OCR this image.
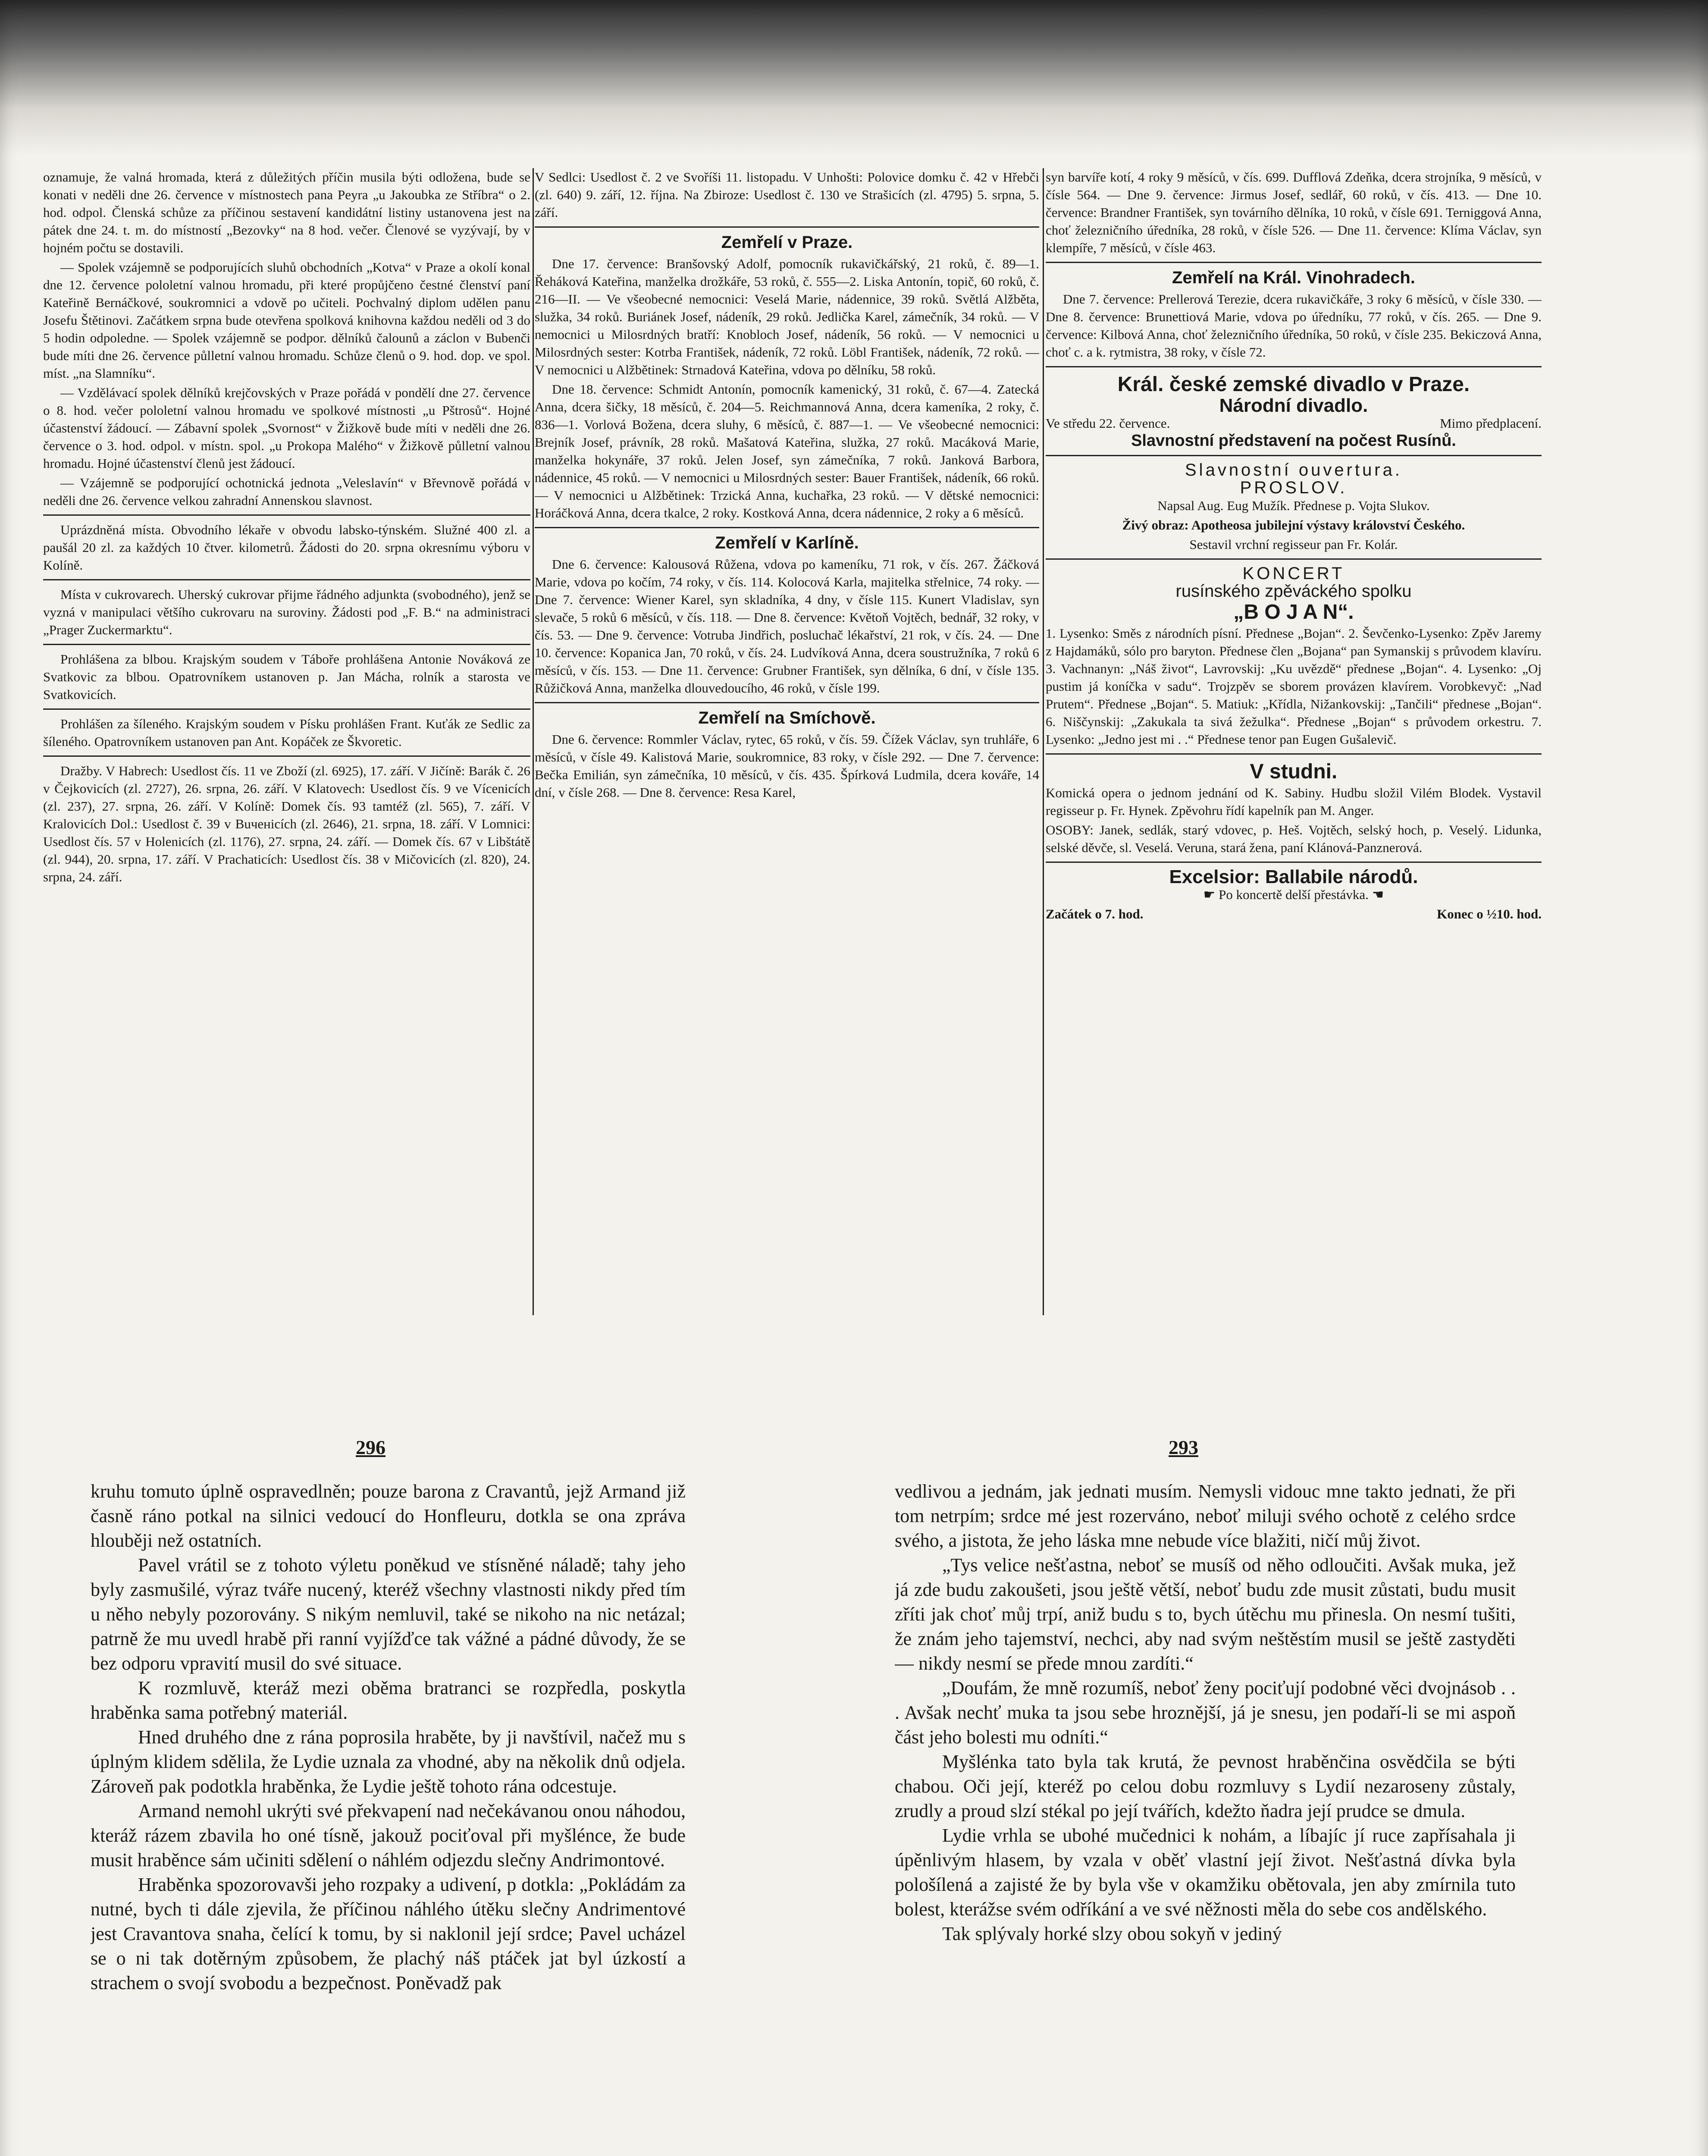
oznamuje, že valná hromada, která z důležitých příčin musila býti odložena, bude se konati v neděli dne 26. července v místnostech pana Peyra „u Jakoubka ze Stříbra“ o 2. hod. odpol. Členská schůze za příčinou sestavení kandidátní listiny ustanovena jest na pátek dne 24. t. m. do místností „Bezovky“ na 8 hod. večer. Členové se vyzývají, by v hojném počtu se dostavili.

— Spolek vzájemně se podporujících sluhů obchodních „Kotva“ v Praze a okolí konal dne 12. července pololetní valnou hromadu, při které propůjčeno čestné členství paní Kateřině Bernáčkové, soukromnici a vdově po učiteli. Pochvalný diplom udělen panu Josefu Štětinovi. Začátkem srpna bude otevřena spolková knihovna každou neděli od 3 do 5 hodin odpoledne. — Spolek vzájemně se podpor. dělníků čalounů a záclon v Bubenči bude míti dne 26. července půlletní valnou hromadu. Schůze členů o 9. hod. dop. ve spol. míst. „na Slamníku“.

— Vzdělávací spolek dělníků krejčovských v Praze pořádá v pondělí dne 27. července o 8. hod. večer pololetní valnou hromadu ve spolkové místnosti „u Pštrosů“. Hojné účastenství žádoucí. — Zábavní spolek „Svornost“ v Žižkově bude míti v neděli dne 26. července o 3. hod. odpol. v místn. spol. „u Prokopa Malého“ v Žižkově půlletní valnou hromadu. Hojné účastenství členů jest žádoucí.

— Vzájemně se podporující ochotnická jednota „Veleslavín“ v Břevnově pořádá v neděli dne 26. července velkou zahradní Annenskou slavnost.

Uprázdněná místa. Obvodního lékaře v obvodu labsko-týnském. Služné 400 zl. a paušál 20 zl. za každých 10 čtver. kilometrů. Žádosti do 20. srpna okresnímu výboru v Kolíně.

Místa v cukrovarech. Uherský cukrovar přijme řádného adjunkta (svobodného), jenž se vyzná v manipulaci většího cukrovaru na suroviny. Žádosti pod „F. B.“ na administraci „Prager Zuckermarktu“.

Prohlášena za blbou. Krajským soudem v Táboře prohlášena Antonie Nováková ze Svatkovic za blbou. Opatrovníkem ustanoven p. Jan Mácha, rolník a starosta ve Svatkovicích.

Prohlášen za šíleného. Krajským soudem v Písku prohlášen Frant. Kuťák ze Sedlic za šíleného. Opatrovníkem ustanoven pan Ant. Kopáček ze Škvoretic.

Dražby. V Habrech: Usedlost čís. 11 ve Zboží (zl. 6925), 17. září. V Jičíně: Barák č. 26 v Čejkovicích (zl. 2727), 26. srpna, 26. září. V Klatovech: Usedlost čís. 9 ve Vícenicích (zl. 237), 27. srpna, 26. září. V Kolíně: Domek čís. 93 tamtéž (zl. 565), 7. září. V Kralovicích Dol.: Usedlost č. 39 v Buченicích (zl. 2646), 21. srpna, 18. září. V Lomnici: Usedlost čís. 57 v Holenicích (zl. 1176), 27. srpna, 24. září. — Domek čís. 67 v Libštátě (zl. 944), 20. srpna, 17. září. V Prachaticích: Usedlost čís. 38 v Mičovicích (zl. 820), 24. srpna, 24. září.

V Sedlci: Usedlost č. 2 ve Svoříši 11. listopadu. V Unhošti: Polovice domku č. 42 v Hřebči (zl. 640) 9. září, 12. října. Na Zbiroze: Usedlost č. 130 ve Strašicích (zl. 4795) 5. srpna, 5. září.

Zemřelí v Praze.

Dne 17. července: Branšovský Adolf, pomocník rukavičkářský, 21 roků, č. 89—1. Řeháková Kateřina, manželka drožkáře, 53 roků, č. 555—2. Liska Antonín, topič, 60 roků, č. 216—II. — Ve všeobecné nemocnici: Veselá Marie, nádennice, 39 roků. Světlá Alžběta, služka, 34 roků. Buriánek Josef, nádeník, 29 roků. Jedlička Karel, zámečník, 34 roků. — V nemocnici u Milosrdných bratří: Knobloch Josef, nádeník, 56 roků. — V nemocnici u Milosrdných sester: Kotrba František, nádeník, 72 roků. Löbl František, nádeník, 72 roků. — V nemocnici u Alžbětinek: Strnadová Kateřina, vdova po dělníku, 58 roků.

Dne 18. července: Schmidt Antonín, pomocník kamenický, 31 roků, č. 67—4. Zatecká Anna, dcera šičky, 18 měsíců, č. 204—5. Reichmannová Anna, dcera kameníka, 2 roky, č. 836—1. Vorlová Božena, dcera sluhy, 6 měsíců, č. 887—1. — Ve všeobecné nemocnici: Brejník Josef, právník, 28 roků. Mašatová Kateřina, služka, 27 roků. Macáková Marie, manželka hokynáře, 37 roků. Jelen Josef, syn zámečníka, 7 roků. Janková Barbora, nádennice, 45 roků. — V nemocnici u Milosrdných sester: Bauer František, nádeník, 66 roků. — V nemocnici u Alžbětinek: Trzická Anna, kuchařka, 23 roků. — V dětské nemocnici: Horáčková Anna, dcera tkalce, 2 roky. Kostková Anna, dcera nádennice, 2 roky a 6 měsíců.

Zemřelí v Karlíně.

Dne 6. července: Kalousová Růžena, vdova po kameníku, 71 rok, v čís. 267. Žáčková Marie, vdova po kočím, 74 roky, v čís. 114. Kolocová Karla, majitelka střelnice, 74 roky. — Dne 7. července: Wiener Karel, syn skladníka, 4 dny, v čísle 115. Kunert Vladislav, syn slevače, 5 roků 6 měsíců, v čís. 118. — Dne 8. července: Květoň Vojtěch, bednář, 32 roky, v čís. 53. — Dne 9. července: Votruba Jindřich, posluchač lékařství, 21 rok, v čís. 24. — Dne 10. července: Kopanica Jan, 70 roků, v čís. 24. Ludvíková Anna, dcera soustružníka, 7 roků 6 měsíců, v čís. 153. — Dne 11. července: Grubner František, syn dělníka, 6 dní, v čísle 135. Růžičková Anna, manželka dlouvedoucího, 46 roků, v čísle 199.

Zemřelí na Smíchově.

Dne 6. července: Rommler Václav, rytec, 65 roků, v čís. 59. Čížek Václav, syn truhláře, 6 měsíců, v čísle 49. Kalistová Marie, soukromnice, 83 roky, v čísle 292. — Dne 7. července: Bečka Emilián, syn zámečníka, 10 měsíců, v čís. 435. Špírková Ludmila, dcera kováře, 14 dní, v čísle 268. — Dne 8. července: Resa Karel,

syn barvíře kotí, 4 roky 9 měsíců, v čís. 699. Dufflová Zdeňka, dcera strojníka, 9 měsíců, v čísle 564. — Dne 9. července: Jirmus Josef, sedlář, 60 roků, v čís. 413. — Dne 10. července: Brandner František, syn továrního dělníka, 10 roků, v čísle 691. Terniggová Anna, choť železničního úředníka, 28 roků, v čísle 526. — Dne 11. července: Klíma Václav, syn klempíře, 7 měsíců, v čísle 463.

Zemřelí na Král. Vinohradech.

Dne 7. července: Prellerová Terezie, dcera rukavičkáře, 3 roky 6 měsíců, v čísle 330. — Dne 8. července: Brunettiová Marie, vdova po úředníku, 77 roků, v čís. 265. — Dne 9. července: Kilbová Anna, choť železničního úředníka, 50 roků, v čísle 235. Bekiczová Anna, choť c. a k. rytmistra, 38 roky, v čísle 72.

Král. české zemské divadlo v Praze.
Národní divadlo.
Ve středu 22. července.	Mimo předplacení.
Slavnostní představení na počest Rusínů.
Slavnostní ouvertura.
PROSLOV.

Napsal Aug. Eug Mužík. Přednese p. Vojta Slukov.

Živý obraz: Apotheosa jubilejní výstavy království Českého.

Sestavil vrchní regisseur pan Fr. Kolár.

KONCERT
rusínského zpěváckého spolku
„B O J A N“.

1. Lysenko: Směs z národních písní. Přednese „Bojan“. 2. Ševčenko-Lysenko: Zpěv Jaremy z Hajdamáků, sólo pro baryton. Přednese člen „Bojana“ pan Symanskij s průvodem klavíru. 3. Vachnanyn: „Náš život“, Lavrovskij: „Ku uvězdě“ přednese „Bojan“. 4. Lysenko: „Oj pustim já koníčka v sadu“. Trojzpěv se sborem provázen klavírem. Vorobkevyč: „Nad Prutem“. Přednese „Bojan“. 5. Matiuk: „Křídla, Nižankovskij: „Tančili“ přednese „Bojan“. 6. Niščynskij: „Zakukala ta sivá žežulka“. Přednese „Bojan“ s průvodem orkestru. 7. Lysenko: „Jedno jest mi . .“ Přednese tenor pan Eugen Gušalevič.

V studni.

Komická opera o jednom jednání od K. Sabiny. Hudbu složil Vilém Blodek. Vystavil regisseur p. Fr. Hynek. Zpěvohru řídí kapelník pan M. Anger.

OSOBY: Janek, sedlák, starý vdovec, p. Heš. Vojtěch, selský hoch, p. Veselý. Lidunka, selské děvče, sl. Veselá. Veruna, stará žena, paní Klánová-Panznerová.

Excelsior: Ballabile národů.

☛ Po koncertě delší přestávka. ☚

Začátek o 7. hod.	Konec o ½10. hod.
296	293

kruhu tomuto úplně ospravedlněn; pouze barona z Cravantů, jejž Armand již časně ráno potkal na silnici vedoucí do Honfleuru, dotkla se ona zpráva hlouběji než ostatních.

Pavel vrátil se z tohoto výletu poněkud ve stísněné náladě; tahy jeho byly zasmušilé, výraz tváře nucený, kteréž všechny vlastnosti nikdy před tím u něho nebyly pozorovány. S nikým nemluvil, také se nikoho na nic netázal; patrně že mu uvedl hrabě při ranní vyjížďce tak vážné a pádné důvody, že se bez odporu vpravití musil do své situace.

K rozmluvě, kteráž mezi oběma bratranci se rozpředla, poskytla hraběnka sama potřebný materiál.

Hned druhého dne z rána poprosila hraběte, by ji navštívil, načež mu s úplným klidem sdělila, že Lydie uznala za vhodné, aby na několik dnů odjela. Zároveň pak podotkla hraběnka, že Lydie ještě tohoto rána odcestuje.

Armand nemohl ukrýti své překvapení nad nečekávanou onou náhodou, kteráž rázem zbavila ho oné tísně, jakouž pociťoval při myšlénce, že bude musit hraběnce sám učiniti sdělení o náhlém odjezdu slečny Andrimontové.

Hraběnka spozorovavši jeho rozpaky a udivení, p dotkla: „Pokládám za nutné, bych ti dále zjevila, že příčinou náhlého útěku slečny Andrimentové jest Cravantova snaha, čelící k tomu, by si naklonil její srdce; Pavel ucházel se o ni tak dotěrným způsobem, že plachý náš ptáček jat byl úzkostí a strachem o svojí svobodu a bezpečnost. Poněvadž pak

vedlivou a jednám, jak jednati musím. Nemysli vidouc mne takto jednati, že při tom netrpím; srdce mé jest rozerváno, neboť miluji svého ochotě z celého srdce svého, a jistota, že jeho láska mne nebude více blažiti, ničí můj život.

„Tys velice nešťastna, neboť se musíš od něho odloučiti. Avšak muka, jež já zde budu zakoušeti, jsou ještě větší, neboť budu zde musit zůstati, budu musit zříti jak choť můj trpí, aniž budu s to, bych útěchu mu přinesla. On nesmí tušiti, že znám jeho tajemství, nechci, aby nad svým neštěstím musil se ještě zastyděti — nikdy nesmí se přede mnou zardíti.“

„Doufám, že mně rozumíš, neboť ženy pociťují podobné věci dvojnásob . . . Avšak nechť muka ta jsou sebe hroznější, já je snesu, jen podaří-li se mi aspoň část jeho bolesti mu odníti.“

Myšlénka tato byla tak krutá, že pevnost hraběnčina osvědčila se býti chabou. Oči její, kteréž po celou dobu rozmluvy s Lydií nezaroseny zůstaly, zrudly a proud slzí stékal po její tvářích, kdežto ňadra její prudce se dmula.

Lydie vrhla se ubohé mučednici k nohám, a líbajíc jí ruce zapřísahala ji úpěnlivým hlasem, by vzala v oběť vlastní její život. Nešťastná dívka byla pološílená a zajisté že by byla vše v okamžiku obětovala, jen aby zmírnila tuto bolest, kterážse svém odříkání a ve své něžnosti měla do sebe cos andělského.

Tak splývaly horké slzy obou sokyň v jediný
